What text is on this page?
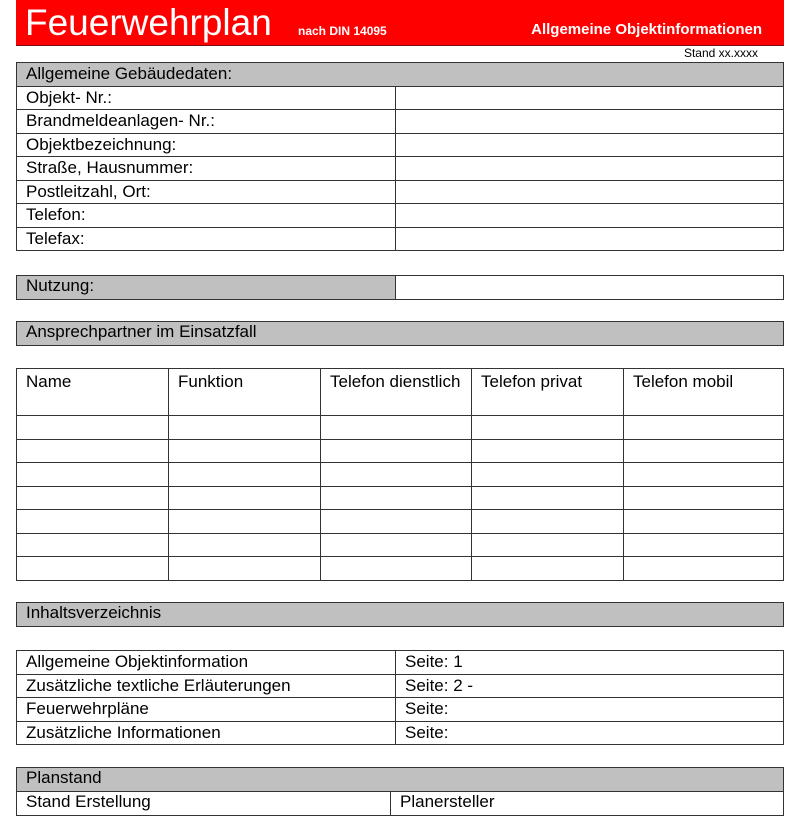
Feuerwehrplan nach DIN 14095	Allgemeine Objektinformationen
Stand xx.xxxx
Allgemeine Gebäudedaten:	
Objekt- Nr.:	
Brandmeldeanlagen- Nr.:	
Objektbezeichnung:	
Straße, Hausnummer:	
Postleitzahl, Ort:	
Telefon:	
Telefax:	
Nutzung:	
Ansprechpartner im Einsatzfall
Name	Funktion	Telefon dienstlich	Telefon privat	Telefon mobil

Inhaltsverzeichnis
Allgemeine Objektinformation	Seite: 1
Zusätzliche textliche Erläuterungen	Seite: 2 -
Feuerwehrpläne	Seite:
Zusätzliche Informationen	Seite:
Planstand
Stand Erstellung	Planersteller
